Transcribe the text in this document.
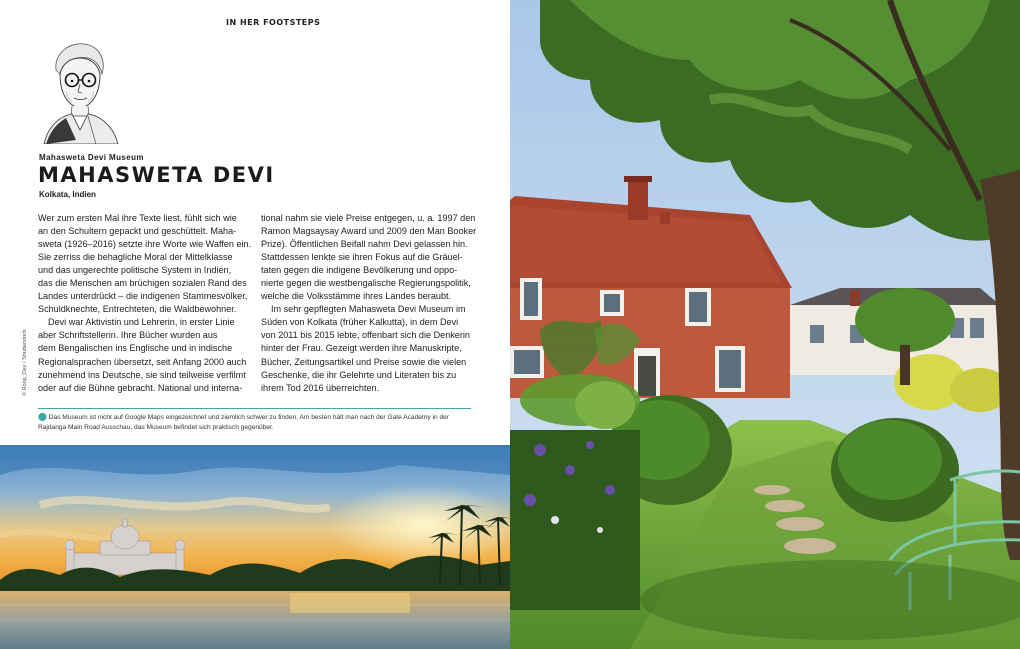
IN HER FOOTSTEPS
Mahasweta Devi Museum
MAHASWETA DEVI
Kolkata, Indien

Wer zum ersten Mal ihre Texte liest, fühlt sich wie

an den Schultern gepackt und geschüttelt. Maha-

sweta (1926–2016) setzte ihre Worte wie Waffen ein.

Sie zerriss die behagliche Moral der Mittelklasse

und das ungerechte politische System in Indien,

das die Menschen am brüchigen sozialen Rand des

Landes unterdrückt – die indigenen Stammesvölker,

Schuldknechte, Entrechteten, die Waldbewohner.

Devi war Aktivistin und Lehrerin, in erster Linie

aber Schriftstellerin. Ihre Bücher wurden aus

dem Bengalischen ins Englische und in indische

Regionalsprachen übersetzt, seit Anfang 2000 auch

zunehmend ins Deutsche, sie sind teilweise verfilmt

oder auf die Bühne gebracht. National und interna-

tional nahm sie viele Preise entgegen, u. a. 1997 den

Ramon Magsaysay Award und 2009 den Man Booker

Prize). Öffentlichen Beifall nahm Devi gelassen hin.

Stattdessen lenkte sie ihren Fokus auf die Gräuel-

taten gegen die indigene Bevölkerung und oppo-

nierte gegen die westbengalische Regierungspolitik,

welche die Volksstämme ihres Landes beraubt.

Im sehr gepflegten Mahasweta Devi Museum im

Süden von Kolkata (früher Kalkutta), in dem Devi

von 2011 bis 2015 lebte, offenbart sich die Denkerin

hinter der Frau. Gezeigt werden ihre Manuskripte,

Bücher, Zeitungsartikel und Preise sowie die vielen

Geschenke, die ihr Gelehrte und Literaten bis zu

ihrem Tod 2016 überreichten.

© Roop_Dey / Shutterstock
⬤ Das Museum ist nicht auf Google Maps eingezeichnet und ziemlich schwer zu finden. Am besten hält man nach der Gate Academy in der
Rajdanga Main Road Ausschau, das Museum befindet sich praktisch gegenüber.
